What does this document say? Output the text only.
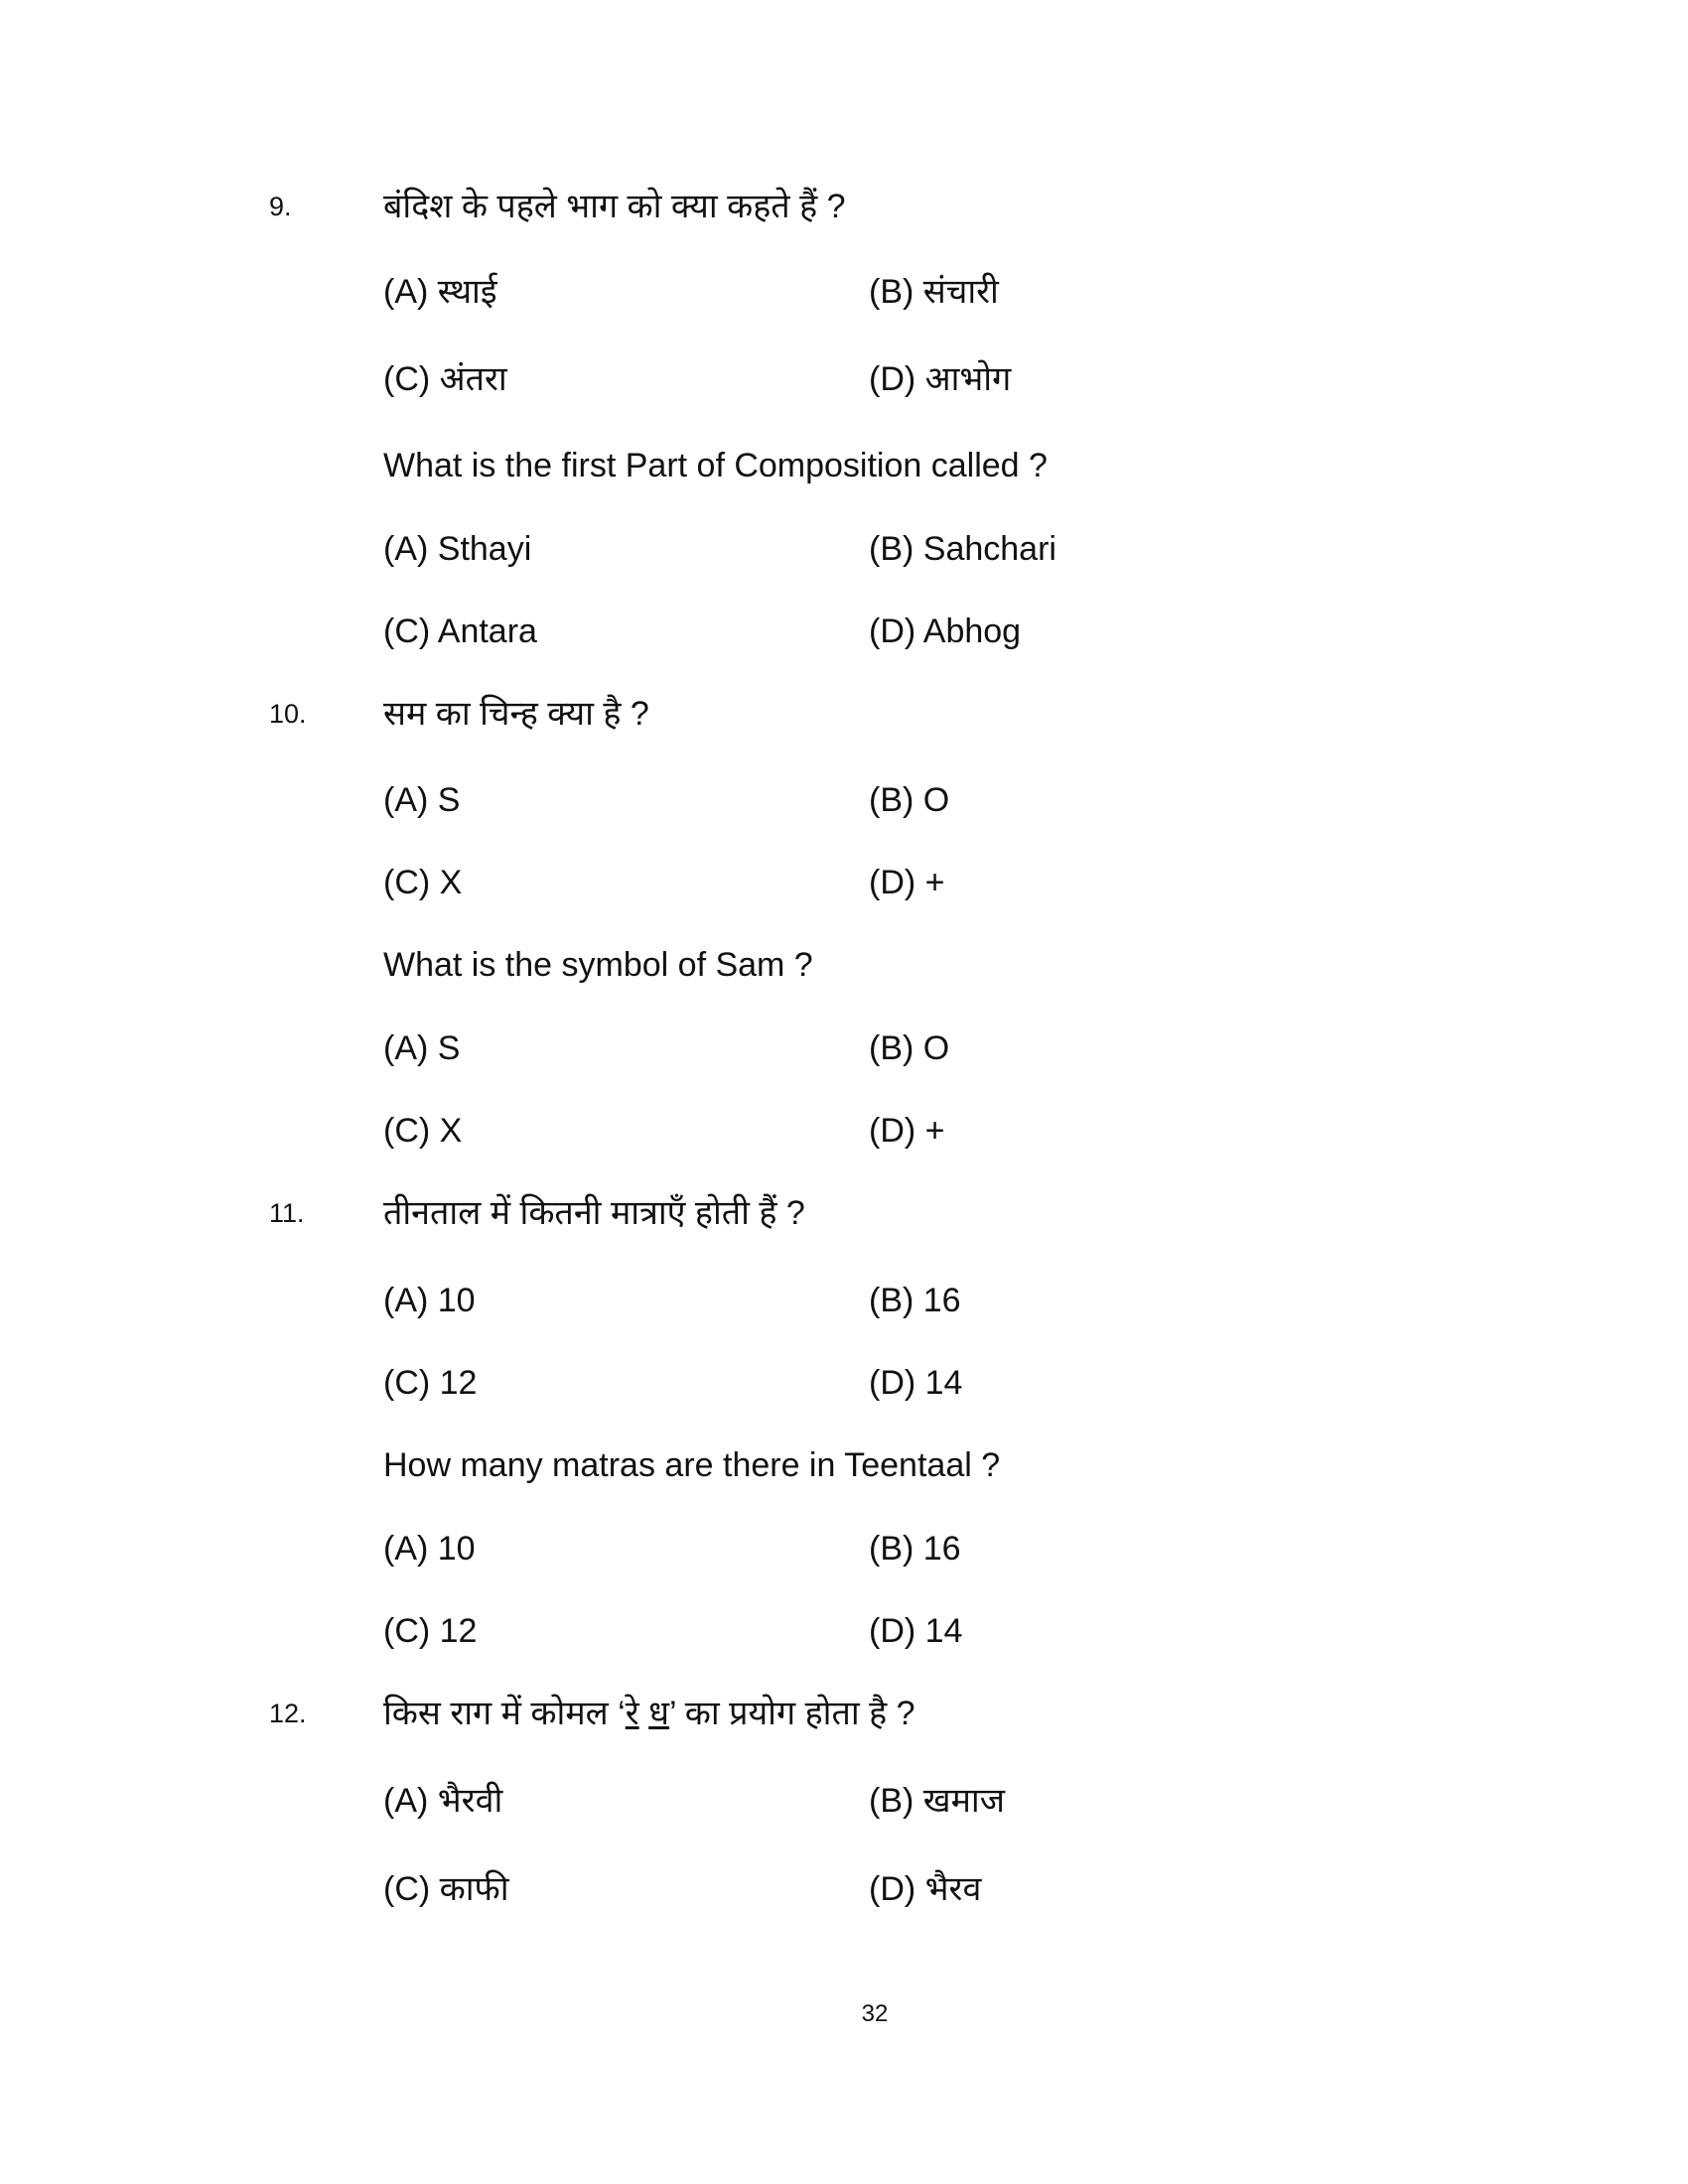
9.	बंदिश के पहले भाग को क्या कहते हैं ?
(A) स्थाई	(B) संचारी
(C) अंतरा	(D) आभोग
What is the first Part of Composition called ?
(A) Sthayi	(B) Sahchari
(C) Antara	(D) Abhog
10. सम का चिन्ह क्या है ?
(A) S	(B) O
(C) X	(D) +
What is the symbol of Sam ?
(A) S	(B) O
(C) X	(D) +
11. तीनताल में कितनी मात्राएँ होती हैं ?
(A) 10	(B) 16
(C) 12	(D) 14
How many matras are there in Teentaal ?
(A) 10	(B) 16
(C) 12	(D) 14
12. किस राग में कोमल ‘रे ध’ का प्रयोग होता है ?
(A) भैरवी	(B) खमाज
(C) काफी	(D) भैरव
32
